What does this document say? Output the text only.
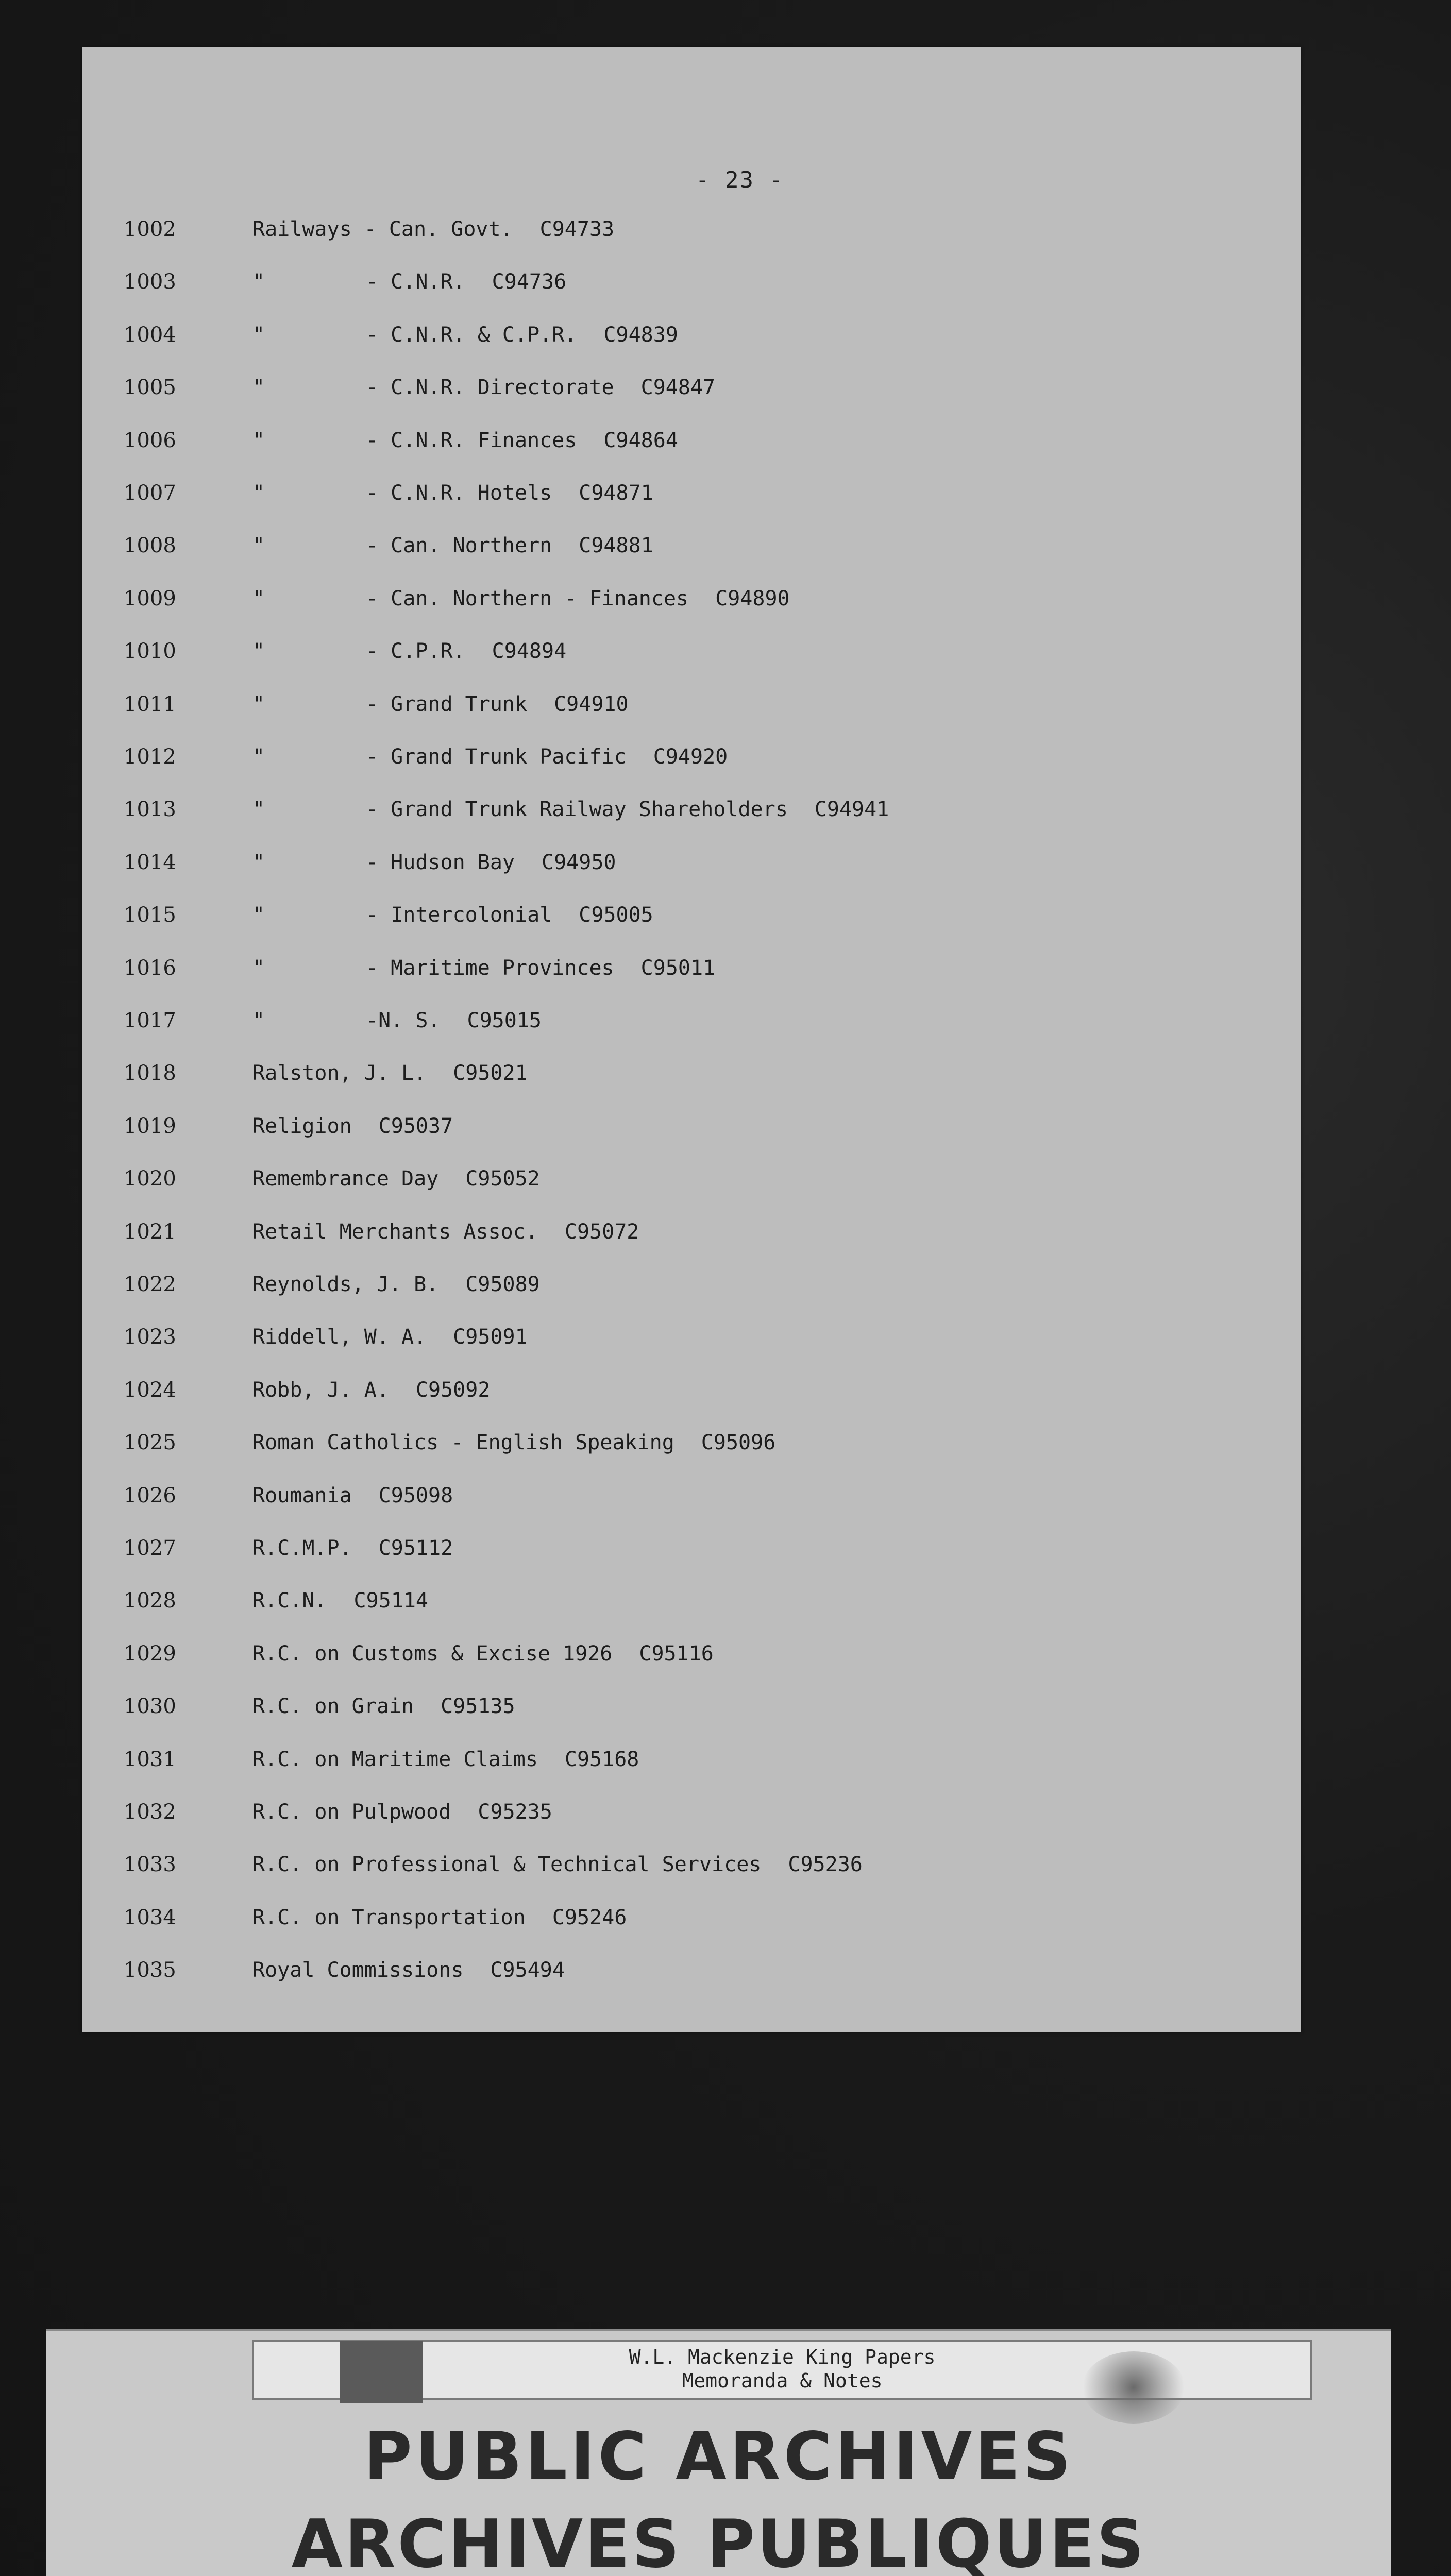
- 23 -
1002	Railways - Can. Govt. C94733
1003	"	- C.N.R. C94736
1004	"	- C.N.R. & C.P.R. C94839
1005	"	- C.N.R. Directorate C94847
1006	"	- C.N.R. Finances C94864
1007	"	- C.N.R. Hotels C94871
1008	"	- Can. Northern C94881
1009	"	- Can. Northern - Finances C94890
1010	"	- C.P.R. C94894
1011	"	- Grand Trunk C94910
1012	"	- Grand Trunk Pacific C94920
1013	"	- Grand Trunk Railway Shareholders C94941
1014	"	- Hudson Bay C94950
1015	"	- Intercolonial C95005
1016	"	- Maritime Provinces C95011
1017	"	-N. S. C95015
1018	Ralston, J. L. C95021
1019	Religion C95037
1020	Remembrance Day C95052
1021	Retail Merchants Assoc. C95072
1022	Reynolds, J. B. C95089
1023	Riddell, W. A. C95091
1024	Robb, J. A. C95092
1025	Roman Catholics - English Speaking C95096
1026	Roumania C95098
1027	R.C.M.P. C95112
1028	R.C.N. C95114
1029	R.C. on Customs & Excise 1926 C95116
1030	R.C. on Grain C95135
1031	R.C. on Maritime Claims C95168
1032	R.C. on Pulpwood C95235
1033	R.C. on Professional & Technical Services C95236
1034	R.C. on Transportation C95246
1035	Royal Commissions C95494
W.L. Mackenzie King Papers
Memoranda & Notes
PUBLIC ARCHIVES
ARCHIVES PUBLIQUES
